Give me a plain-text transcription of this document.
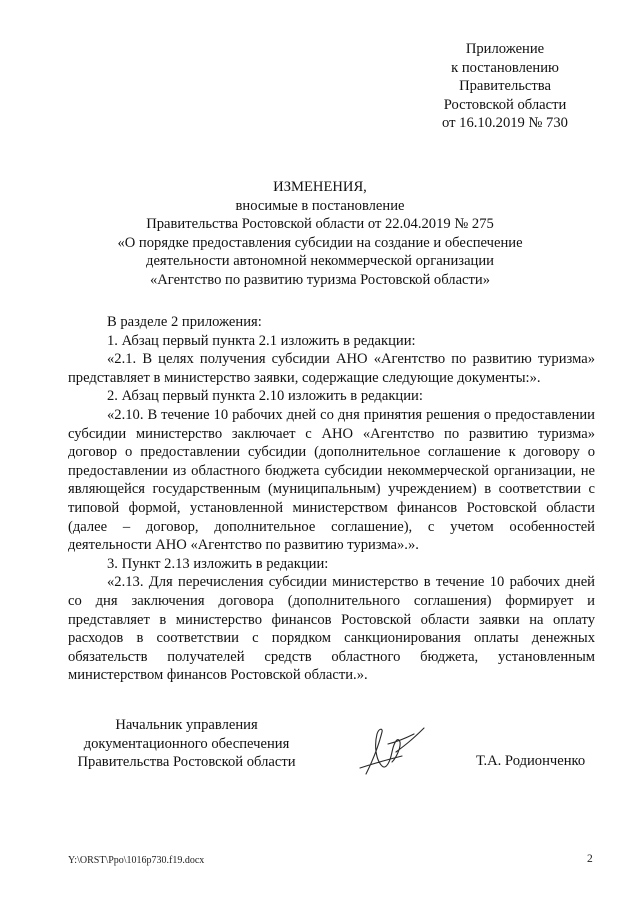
Приложение
к постановлению
Правительства
Ростовской области
от 16.10.2019 № 730
ИЗМЕНЕНИЯ,
вносимые в постановление
Правительства Ростовской области от 22.04.2019 № 275
«О порядке предоставления субсидии на создание и обеспечение
деятельности автономной некоммерческой организации
«Агентство по развитию туризма Ростовской области»

В разделе 2 приложения:

1. Абзац первый пункта 2.1 изложить в редакции:

«2.1. В целях получения субсидии АНО «Агентство по развитию туризма» представляет в министерство заявки, содержащие следующие документы:».

2. Абзац первый пункта 2.10 изложить в редакции:

«2.10. В течение 10 рабочих дней со дня принятия решения о предоставлении субсидии министерство заключает с АНО «Агентство по развитию туризма» договор о предоставлении субсидии (дополнительное соглашение к договору о предоставлении из областного бюджета субсидии некоммерческой организации, не являющейся государственным (муниципальным) учреждением) в соответствии с типовой формой, установленной министерством финансов Ростовской области (далее – договор, дополнительное соглашение), с учетом особенностей деятельности АНО «Агентство по развитию туризма».».

3. Пункт 2.13 изложить в редакции:

«2.13. Для перечисления субсидии министерство в течение 10 рабочих дней со дня заключения договора (дополнительного соглашения) формирует и представляет в министерство финансов Ростовской области заявки на оплату расходов в соответствии с порядком санкционирования оплаты денежных обязательств получателей средств областного бюджета, установленным министерством финансов Ростовской области.».

Начальник управления
документационного обеспечения
Правительства Ростовской области	Т.А. Родионченко
Y:\ORST\Ppo\1016p730.f19.docx	2
